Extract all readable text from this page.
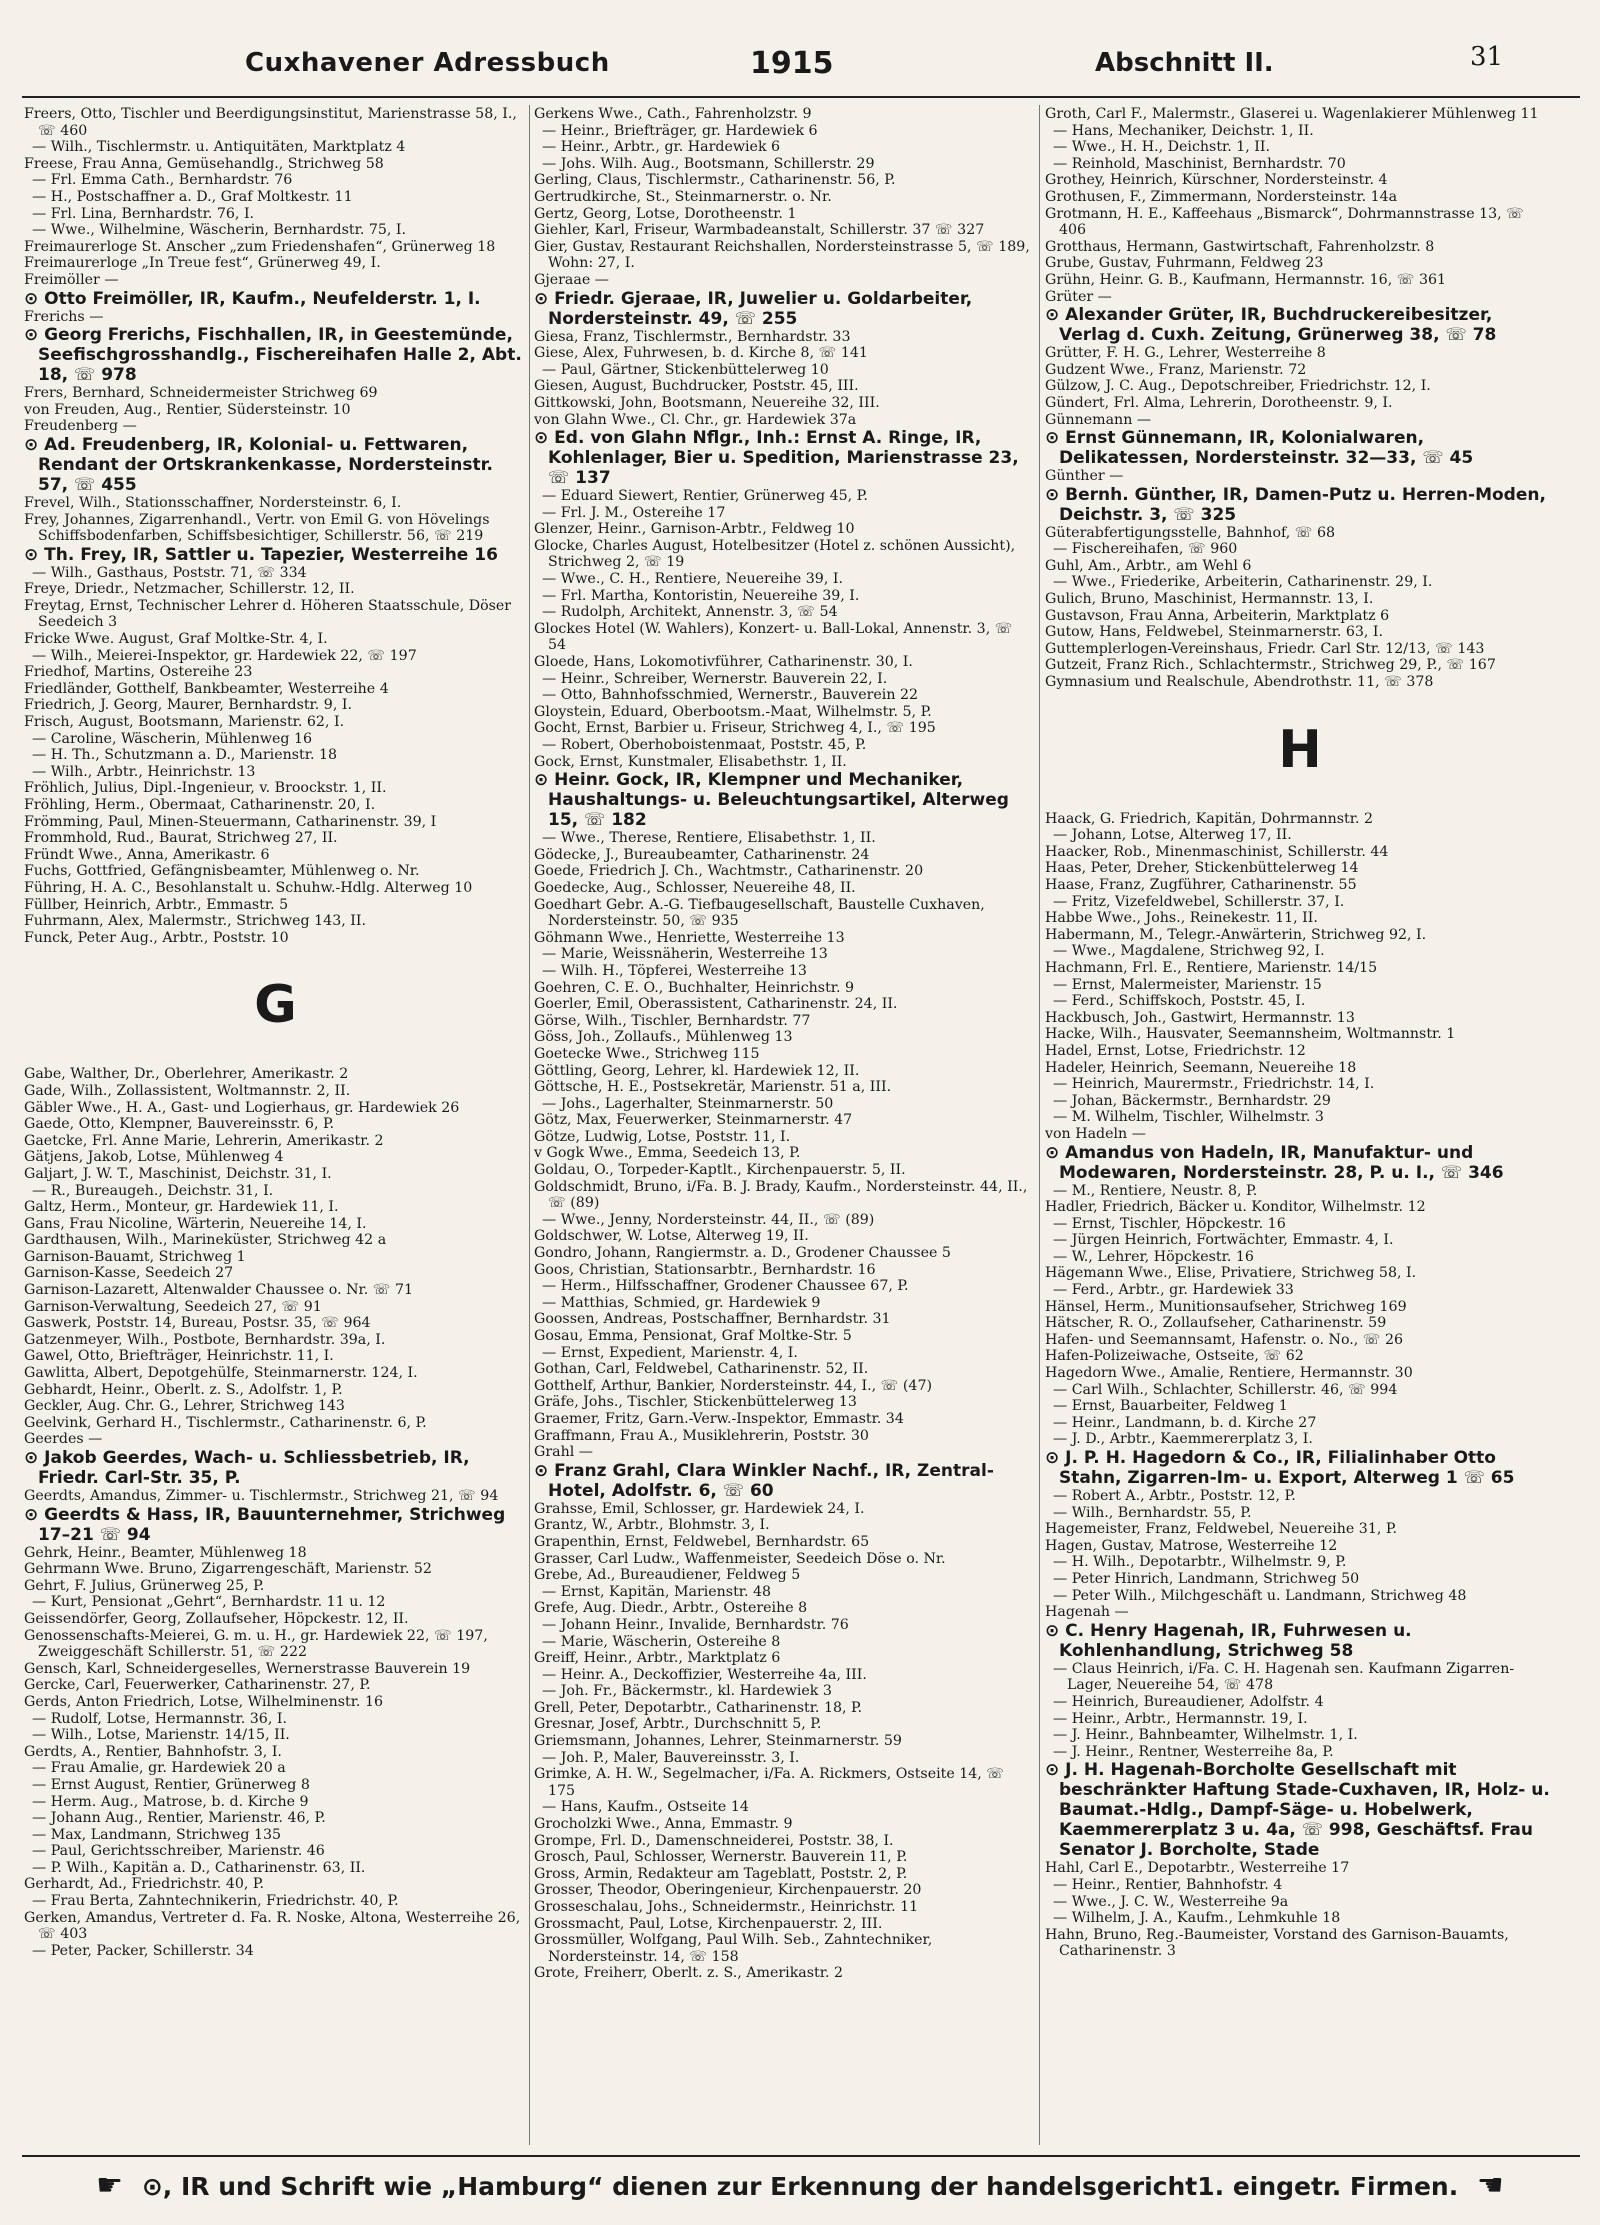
Cuxhavener Adressbuch	1915	Abschnitt II.	31

Freers, Otto, Tischler und Beerdigungsinstitut, Marienstrasse 58, I., ☏ 460

— Wilh., Tischlermstr. u. Antiquitäten, Marktplatz 4

Freese, Frau Anna, Gemüsehandlg., Strichweg 58

— Frl. Emma Cath., Bernhardstr. 76

— H., Postschaffner a. D., Graf Moltkestr. 11

— Frl. Lina, Bernhardstr. 76, I.

— Wwe., Wilhelmine, Wäscherin, Bernhardstr. 75, I.

Freimaurerloge St. Anscher „zum Friedenshafen“, Grünerweg 18

Freimaurerloge „In Treue fest“, Grünerweg 49, I.

Freimöller —

⊙ Otto Freimöller, IR, Kaufm., Neufelderstr. 1, I.

Frerichs —

⊙ Georg Frerichs, Fischhallen, IR, in Geestemünde, Seefischgrosshandlg., Fischereihafen Halle 2, Abt. 18, ☏ 978

Frers, Bernhard, Schneidermeister Strichweg 69

von Freuden, Aug., Rentier, Südersteinstr. 10

Freudenberg —

⊙ Ad. Freudenberg, IR, Kolonial- u. Fettwaren, Rendant der Ortskrankenkasse, Nordersteinstr. 57, ☏ 455

Frevel, Wilh., Stationsschaffner, Nordersteinstr. 6, I.

Frey, Johannes, Zigarrenhandl., Vertr. von Emil G. von Hövelings Schiffsbodenfarben, Schiffsbesichtiger, Schillerstr. 56, ☏ 219

⊙ Th. Frey, IR, Sattler u. Tapezier, Westerreihe 16

— Wilh., Gasthaus, Poststr. 71, ☏ 334

Freye, Driedr., Netzmacher, Schillerstr. 12, II.

Freytag, Ernst, Technischer Lehrer d. Höheren Staatsschule, Döser Seedeich 3

Fricke Wwe. August, Graf Moltke-Str. 4, I.

— Wilh., Meierei-Inspektor, gr. Hardewiek 22, ☏ 197

Friedhof, Martins, Ostereihe 23

Friedländer, Gotthelf, Bankbeamter, Westerreihe 4

Friedrich, J. Georg, Maurer, Bernhardstr. 9, I.

Frisch, August, Bootsmann, Marienstr. 62, I.

— Caroline, Wäscherin, Mühlenweg 16

— H. Th., Schutzmann a. D., Marienstr. 18

— Wilh., Arbtr., Heinrichstr. 13

Fröhlich, Julius, Dipl.-Ingenieur, v. Broockstr. 1, II.

Fröhling, Herm., Obermaat, Catharinenstr. 20, I.

Frömming, Paul, Minen-Steuermann, Catharinenstr. 39, I

Frommhold, Rud., Baurat, Strichweg 27, II.

Fründt Wwe., Anna, Amerikastr. 6

Fuchs, Gottfried, Gefängnisbeamter, Mühlenweg o. Nr.

Führing, H. A. C., Besohlanstalt u. Schuhw.-Hdlg. Alterweg 10

Füllber, Heinrich, Arbtr., Emmastr. 5

Fuhrmann, Alex, Malermstr., Strichweg 143, II.

Funck, Peter Aug., Arbtr., Poststr. 10

G

Gabe, Walther, Dr., Oberlehrer, Amerikastr. 2

Gade, Wilh., Zollassistent, Woltmannstr. 2, II.

Gäbler Wwe., H. A., Gast- und Logierhaus, gr. Hardewiek 26

Gaede, Otto, Klempner, Bauvereinsstr. 6, P.

Gaetcke, Frl. Anne Marie, Lehrerin, Amerikastr. 2

Gätjens, Jakob, Lotse, Mühlenweg 4

Galjart, J. W. T., Maschinist, Deichstr. 31, I.

— R., Bureaugeh., Deichstr. 31, I.

Galtz, Herm., Monteur, gr. Hardewiek 11, I.

Gans, Frau Nicoline, Wärterin, Neuereihe 14, I.

Gardthausen, Wilh., Marineküster, Strichweg 42 a

Garnison-Bauamt, Strichweg 1

Garnison-Kasse, Seedeich 27

Garnison-Lazarett, Altenwalder Chaussee o. Nr. ☏ 71

Garnison-Verwaltung, Seedeich 27, ☏ 91

Gaswerk, Poststr. 14, Bureau, Postsr. 35, ☏ 964

Gatzenmeyer, Wilh., Postbote, Bernhardstr. 39a, I.

Gawel, Otto, Briefträger, Heinrichstr. 11, I.

Gawlitta, Albert, Depotgehülfe, Steinmarnerstr. 124, I.

Gebhardt, Heinr., Oberlt. z. S., Adolfstr. 1, P.

Geckler, Aug. Chr. G., Lehrer, Strichweg 143

Geelvink, Gerhard H., Tischlermstr., Catharinenstr. 6, P.

Geerdes —

⊙ Jakob Geerdes, Wach- u. Schliessbetrieb, IR, Friedr. Carl-Str. 35, P.

Geerdts, Amandus, Zimmer- u. Tischlermstr., Strichweg 21, ☏ 94

⊙ Geerdts & Hass, IR, Bauunternehmer, Strichweg 17–21 ☏ 94

Gehrk, Heinr., Beamter, Mühlenweg 18

Gehrmann Wwe. Bruno, Zigarrengeschäft, Marienstr. 52

Gehrt, F. Julius, Grünerweg 25, P.

— Kurt, Pensionat „Gehrt“, Bernhardstr. 11 u. 12

Geissendörfer, Georg, Zollaufseher, Höpckestr. 12, II.

Genossenschafts-Meierei, G. m. u. H., gr. Hardewiek 22, ☏ 197, Zweiggeschäft Schillerstr. 51, ☏ 222

Gensch, Karl, Schneidergeselles, Wernerstrasse Bauverein 19

Gercke, Carl, Feuerwerker, Catharinenstr. 27, P.

Gerds, Anton Friedrich, Lotse, Wilhelminenstr. 16

— Rudolf, Lotse, Hermannstr. 36, I.

— Wilh., Lotse, Marienstr. 14/15, II.

Gerdts, A., Rentier, Bahnhofstr. 3, I.

— Frau Amalie, gr. Hardewiek 20 a

— Ernst August, Rentier, Grünerweg 8

— Herm. Aug., Matrose, b. d. Kirche 9

— Johann Aug., Rentier, Marienstr. 46, P.

— Max, Landmann, Strichweg 135

— Paul, Gerichtsschreiber, Marienstr. 46

— P. Wilh., Kapitän a. D., Catharinenstr. 63, II.

Gerhardt, Ad., Friedrichstr. 40, P.

— Frau Berta, Zahntechnikerin, Friedrichstr. 40, P.

Gerken, Amandus, Vertreter d. Fa. R. Noske, Altona, Westerreihe 26, ☏ 403

— Peter, Packer, Schillerstr. 34

Gerkens Wwe., Cath., Fahrenholzstr. 9

— Heinr., Briefträger, gr. Hardewiek 6

— Heinr., Arbtr., gr. Hardewiek 6

— Johs. Wilh. Aug., Bootsmann, Schillerstr. 29

Gerling, Claus, Tischlermstr., Catharinenstr. 56, P.

Gertrudkirche, St., Steinmarnerstr. o. Nr.

Gertz, Georg, Lotse, Dorotheenstr. 1

Giehler, Karl, Friseur, Warmbadeanstalt, Schillerstr. 37 ☏ 327

Gier, Gustav, Restaurant Reichshallen, Nordersteinstrasse 5, ☏ 189, Wohn: 27, I.

Gjeraae —

⊙ Friedr. Gjeraae, IR, Juwelier u. Goldarbeiter, Nordersteinstr. 49, ☏ 255

Giesa, Franz, Tischlermstr., Bernhardstr. 33

Giese, Alex, Fuhrwesen, b. d. Kirche 8, ☏ 141

— Paul, Gärtner, Stickenbüttelerweg 10

Giesen, August, Buchdrucker, Poststr. 45, III.

Gittkowski, John, Bootsmann, Neuereihe 32, III.

von Glahn Wwe., Cl. Chr., gr. Hardewiek 37a

⊙ Ed. von Glahn Nflgr., Inh.: Ernst A. Ringe, IR, Kohlenlager, Bier u. Spedition, Marienstrasse 23, ☏ 137

— Eduard Siewert, Rentier, Grünerweg 45, P.

— Frl. J. M., Ostereihe 17

Glenzer, Heinr., Garnison-Arbtr., Feldweg 10

Glocke, Charles August, Hotelbesitzer (Hotel z. schönen Aussicht), Strichweg 2, ☏ 19

— Wwe., C. H., Rentiere, Neuereihe 39, I.

— Frl. Martha, Kontoristin, Neuereihe 39, I.

— Rudolph, Architekt, Annenstr. 3, ☏ 54

Glockes Hotel (W. Wahlers), Konzert- u. Ball-Lokal, Annenstr. 3, ☏ 54

Gloede, Hans, Lokomotivführer, Catharinenstr. 30, I.

— Heinr., Schreiber, Wernerstr. Bauverein 22, I.

— Otto, Bahnhofsschmied, Wernerstr., Bauverein 22

Gloystein, Eduard, Oberbootsm.-Maat, Wilhelmstr. 5, P.

Gocht, Ernst, Barbier u. Friseur, Strichweg 4, I., ☏ 195

— Robert, Oberhoboistenmaat, Poststr. 45, P.

Gock, Ernst, Kunstmaler, Elisabethstr. 1, II.

⊙ Heinr. Gock, IR, Klempner und Mechaniker, Haushaltungs- u. Beleuchtungsartikel, Alterweg 15, ☏ 182

— Wwe., Therese, Rentiere, Elisabethstr. 1, II.

Gödecke, J., Bureaubeamter, Catharinenstr. 24

Goede, Friedrich J. Ch., Wachtmstr., Catharinenstr. 20

Goedecke, Aug., Schlosser, Neuereihe 48, II.

Goedhart Gebr. A.-G. Tiefbaugesellschaft, Baustelle Cuxhaven, Nordersteinstr. 50, ☏ 935

Göhmann Wwe., Henriette, Westerreihe 13

— Marie, Weissnäherin, Westerreihe 13

— Wilh. H., Töpferei, Westerreihe 13

Goehren, C. E. O., Buchhalter, Heinrichstr. 9

Goerler, Emil, Oberassistent, Catharinenstr. 24, II.

Görse, Wilh., Tischler, Bernhardstr. 77

Göss, Joh., Zollaufs., Mühlenweg 13

Goetecke Wwe., Strichweg 115

Göttling, Georg, Lehrer, kl. Hardewiek 12, II.

Göttsche, H. E., Postsekretär, Marienstr. 51 a, III.

— Johs., Lagerhalter, Steinmarnerstr. 50

Götz, Max, Feuerwerker, Steinmarnerstr. 47

Götze, Ludwig, Lotse, Poststr. 11, I.

v Gogk Wwe., Emma, Seedeich 13, P.

Goldau, O., Torpeder-Kaptlt., Kirchenpauerstr. 5, II.

Goldschmidt, Bruno, i/Fa. B. J. Brady, Kaufm., Nordersteinstr. 44, II., ☏ (89)

— Wwe., Jenny, Nordersteinstr. 44, II., ☏ (89)

Goldschwer, W. Lotse, Alterweg 19, II.

Gondro, Johann, Rangiermstr. a. D., Grodener Chaussee 5

Goos, Christian, Stationsarbtr., Bernhardstr. 16

— Herm., Hilfsschaffner, Grodener Chaussee 67, P.

— Matthias, Schmied, gr. Hardewiek 9

Goossen, Andreas, Postschaffner, Bernhardstr. 31

Gosau, Emma, Pensionat, Graf Moltke-Str. 5

— Ernst, Expedient, Marienstr. 4, I.

Gothan, Carl, Feldwebel, Catharinenstr. 52, II.

Gotthelf, Arthur, Bankier, Nordersteinstr. 44, I., ☏ (47)

Gräfe, Johs., Tischler, Stickenbüttelerweg 13

Graemer, Fritz, Garn.-Verw.-Inspektor, Emmastr. 34

Graffmann, Frau A., Musiklehrerin, Poststr. 30

Grahl —

⊙ Franz Grahl, Clara Winkler Nachf., IR, Zentral-Hotel, Adolfstr. 6, ☏ 60

Grahsse, Emil, Schlosser, gr. Hardewiek 24, I.

Grantz, W., Arbtr., Blohmstr. 3, I.

Grapenthin, Ernst, Feldwebel, Bernhardstr. 65

Grasser, Carl Ludw., Waffenmeister, Seedeich Döse o. Nr.

Grebe, Ad., Bureaudiener, Feldweg 5

— Ernst, Kapitän, Marienstr. 48

Grefe, Aug. Diedr., Arbtr., Ostereihe 8

— Johann Heinr., Invalide, Bernhardstr. 76

— Marie, Wäscherin, Ostereihe 8

Greiff, Heinr., Arbtr., Marktplatz 6

— Heinr. A., Deckoffizier, Westerreihe 4a, III.

— Joh. Fr., Bäckermstr., kl. Hardewiek 3

Grell, Peter, Depotarbtr., Catharinenstr. 18, P.

Gresnar, Josef, Arbtr., Durchschnitt 5, P.

Griemsmann, Johannes, Lehrer, Steinmarnerstr. 59

— Joh. P., Maler, Bauvereinsstr. 3, I.

Grimke, A. H. W., Segelmacher, i/Fa. A. Rickmers, Ostseite 14, ☏ 175

— Hans, Kaufm., Ostseite 14

Grocholzki Wwe., Anna, Emmastr. 9

Grompe, Frl. D., Damenschneiderei, Poststr. 38, I.

Grosch, Paul, Schlosser, Wernerstr. Bauverein 11, P.

Gross, Armin, Redakteur am Tageblatt, Poststr. 2, P.

Grosser, Theodor, Oberingenieur, Kirchenpauerstr. 20

Grosseschalau, Johs., Schneidermstr., Heinrichstr. 11

Grossmacht, Paul, Lotse, Kirchenpauerstr. 2, III.

Grossmüller, Wolfgang, Paul Wilh. Seb., Zahntechniker, Nordersteinstr. 14, ☏ 158

Grote, Freiherr, Oberlt. z. S., Amerikastr. 2

Groth, Carl F., Malermstr., Glaserei u. Wagenlakierer Mühlenweg 11

— Hans, Mechaniker, Deichstr. 1, II.

— Wwe., H. H., Deichstr. 1, II.

— Reinhold, Maschinist, Bernhardstr. 70

Grothey, Heinrich, Kürschner, Nordersteinstr. 4

Grothusen, F., Zimmermann, Nordersteinstr. 14a

Grotmann, H. E., Kaffeehaus „Bismarck“, Dohrmannstrasse 13, ☏ 406

Grotthaus, Hermann, Gastwirtschaft, Fahrenholzstr. 8

Grube, Gustav, Fuhrmann, Feldweg 23

Grühn, Heinr. G. B., Kaufmann, Hermannstr. 16, ☏ 361

Grüter —

⊙ Alexander Grüter, IR, Buchdruckereibesitzer, Verlag d. Cuxh. Zeitung, Grünerweg 38, ☏ 78

Grütter, F. H. G., Lehrer, Westerreihe 8

Gudzent Wwe., Franz, Marienstr. 72

Gülzow, J. C. Aug., Depotschreiber, Friedrichstr. 12, I.

Gündert, Frl. Alma, Lehrerin, Dorotheenstr. 9, I.

Günnemann —

⊙ Ernst Günnemann, IR, Kolonialwaren, Delikatessen, Nordersteinstr. 32—33, ☏ 45

Günther —

⊙ Bernh. Günther, IR, Damen-Putz u. Herren-Moden, Deichstr. 3, ☏ 325

Güterabfertigungsstelle, Bahnhof, ☏ 68

— Fischereihafen, ☏ 960

Guhl, Am., Arbtr., am Wehl 6

— Wwe., Friederike, Arbeiterin, Catharinenstr. 29, I.

Gulich, Bruno, Maschinist, Hermannstr. 13, I.

Gustavson, Frau Anna, Arbeiterin, Marktplatz 6

Gutow, Hans, Feldwebel, Steinmarnerstr. 63, I.

Guttemplerlogen-Vereinshaus, Friedr. Carl Str. 12/13, ☏ 143

Gutzeit, Franz Rich., Schlachtermstr., Strichweg 29, P., ☏ 167

Gymnasium und Realschule, Abendrothstr. 11, ☏ 378

H

Haack, G. Friedrich, Kapitän, Dohrmannstr. 2

— Johann, Lotse, Alterweg 17, II.

Haacker, Rob., Minenmaschinist, Schillerstr. 44

Haas, Peter, Dreher, Stickenbüttelerweg 14

Haase, Franz, Zugführer, Catharinenstr. 55

— Fritz, Vizefeldwebel, Schillerstr. 37, I.

Habbe Wwe., Johs., Reinekestr. 11, II.

Habermann, M., Telegr.-Anwärterin, Strichweg 92, I.

— Wwe., Magdalene, Strichweg 92, I.

Hachmann, Frl. E., Rentiere, Marienstr. 14/15

— Ernst, Malermeister, Marienstr. 15

— Ferd., Schiffskoch, Poststr. 45, I.

Hackbusch, Joh., Gastwirt, Hermannstr. 13

Hacke, Wilh., Hausvater, Seemannsheim, Woltmannstr. 1

Hadel, Ernst, Lotse, Friedrichstr. 12

Hadeler, Heinrich, Seemann, Neuereihe 18

— Heinrich, Maurermstr., Friedrichstr. 14, I.

— Johan, Bäckermstr., Bernhardstr. 29

— M. Wilhelm, Tischler, Wilhelmstr. 3

von Hadeln —

⊙ Amandus von Hadeln, IR, Manufaktur- und Modewaren, Nordersteinstr. 28, P. u. I., ☏ 346

— M., Rentiere, Neustr. 8, P.

Hadler, Friedrich, Bäcker u. Konditor, Wilhelmstr. 12

— Ernst, Tischler, Höpckestr. 16

— Jürgen Heinrich, Fortwächter, Emmastr. 4, I.

— W., Lehrer, Höpckestr. 16

Hägemann Wwe., Elise, Privatiere, Strichweg 58, I.

— Ferd., Arbtr., gr. Hardewiek 33

Hänsel, Herm., Munitionsaufseher, Strichweg 169

Hätscher, R. O., Zollaufseher, Catharinenstr. 59

Hafen- und Seemannsamt, Hafenstr. o. No., ☏ 26

Hafen-Polizeiwache, Ostseite, ☏ 62

Hagedorn Wwe., Amalie, Rentiere, Hermannstr. 30

— Carl Wilh., Schlachter, Schillerstr. 46, ☏ 994

— Ernst, Bauarbeiter, Feldweg 1

— Heinr., Landmann, b. d. Kirche 27

— J. D., Arbtr., Kaemmererplatz 3, I.

⊙ J. P. H. Hagedorn & Co., IR, Filialinhaber Otto Stahn, Zigarren-Im- u. Export, Alterweg 1 ☏ 65

— Robert A., Arbtr., Poststr. 12, P.

— Wilh., Bernhardstr. 55, P.

Hagemeister, Franz, Feldwebel, Neuereihe 31, P.

Hagen, Gustav, Matrose, Westerreihe 12

— H. Wilh., Depotarbtr., Wilhelmstr. 9, P.

— Peter Hinrich, Landmann, Strichweg 50

— Peter Wilh., Milchgeschäft u. Landmann, Strichweg 48

Hagenah —

⊙ C. Henry Hagenah, IR, Fuhrwesen u. Kohlenhandlung, Strichweg 58

— Claus Heinrich, i/Fa. C. H. Hagenah sen. Kaufmann Zigarren-Lager, Neuereihe 54, ☏ 478

— Heinrich, Bureaudiener, Adolfstr. 4

— Heinr., Arbtr., Hermannstr. 19, I.

— J. Heinr., Bahnbeamter, Wilhelmstr. 1, I.

— J. Heinr., Rentner, Westerreihe 8a, P.

⊙ J. H. Hagenah-Borcholte Gesellschaft mit beschränkter Haftung Stade-Cuxhaven, IR, Holz- u. Baumat.-Hdlg., Dampf-Säge- u. Hobelwerk, Kaemmererplatz 3 u. 4a, ☏ 998, Geschäftsf. Frau Senator J. Borcholte, Stade

Hahl, Carl E., Depotarbtr., Westerreihe 17

— Heinr., Rentier, Bahnhofstr. 4

— Wwe., J. C. W., Westerreihe 9a

— Wilhelm, J. A., Kaufm., Lehmkuhle 18

Hahn, Bruno, Reg.-Baumeister, Vorstand des Garnison-Bauamts, Catharinenstr. 3

☛ ⊙, IR und Schrift wie „Hamburg“ dienen zur Erkennung der handelsgericht1. eingetr. Firmen. ☚
